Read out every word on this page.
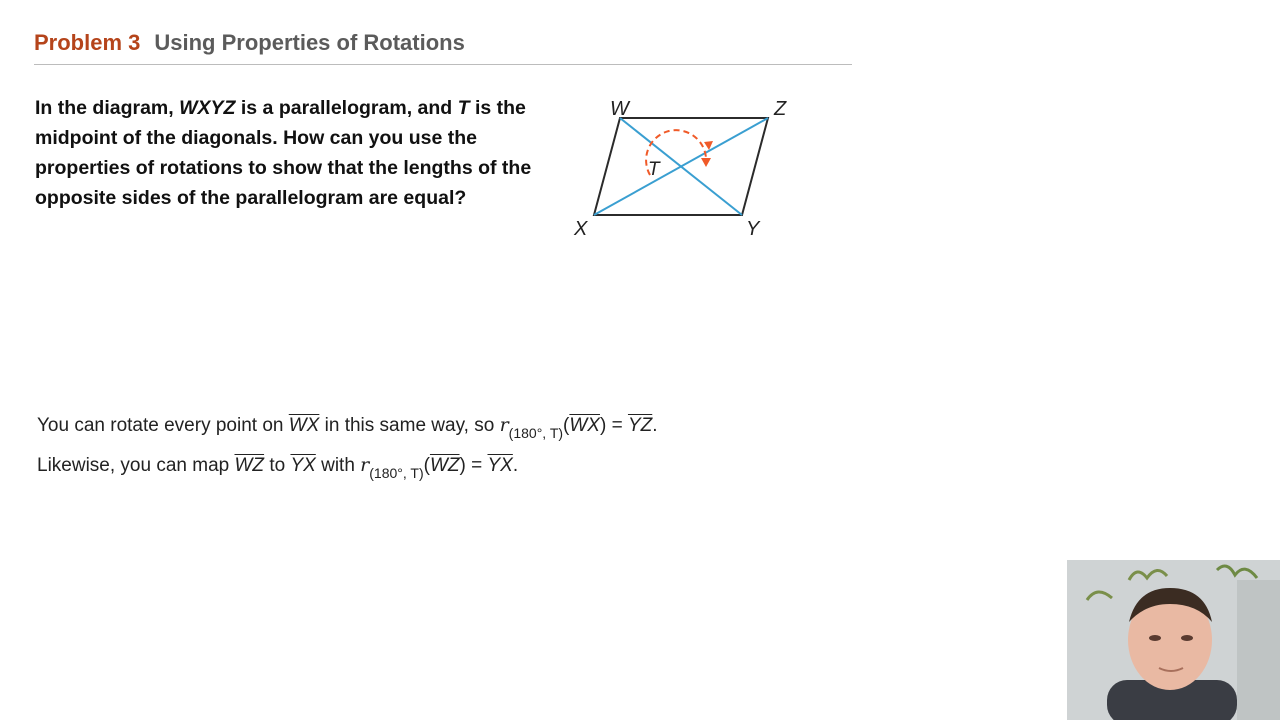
Problem 3 Using Properties of Rotations
In the diagram, WXYZ is a parallelogram, and T is the midpoint of the diagonals. How can you use the properties of rotations to show that the lengths of the opposite sides of the parallelogram are equal?
W	Z
X	Y
T
You can rotate every point on $\overline{WX}$ in this same way, so $r_{(180^\circ, T)}(\overline{WX}) = \overline{YZ}$.
Likewise, you can map $\overline{WZ}$ to $\overline{YX}$ with $r_{(180^\circ, T)}(\overline{WZ}) = \overline{YX}$.
